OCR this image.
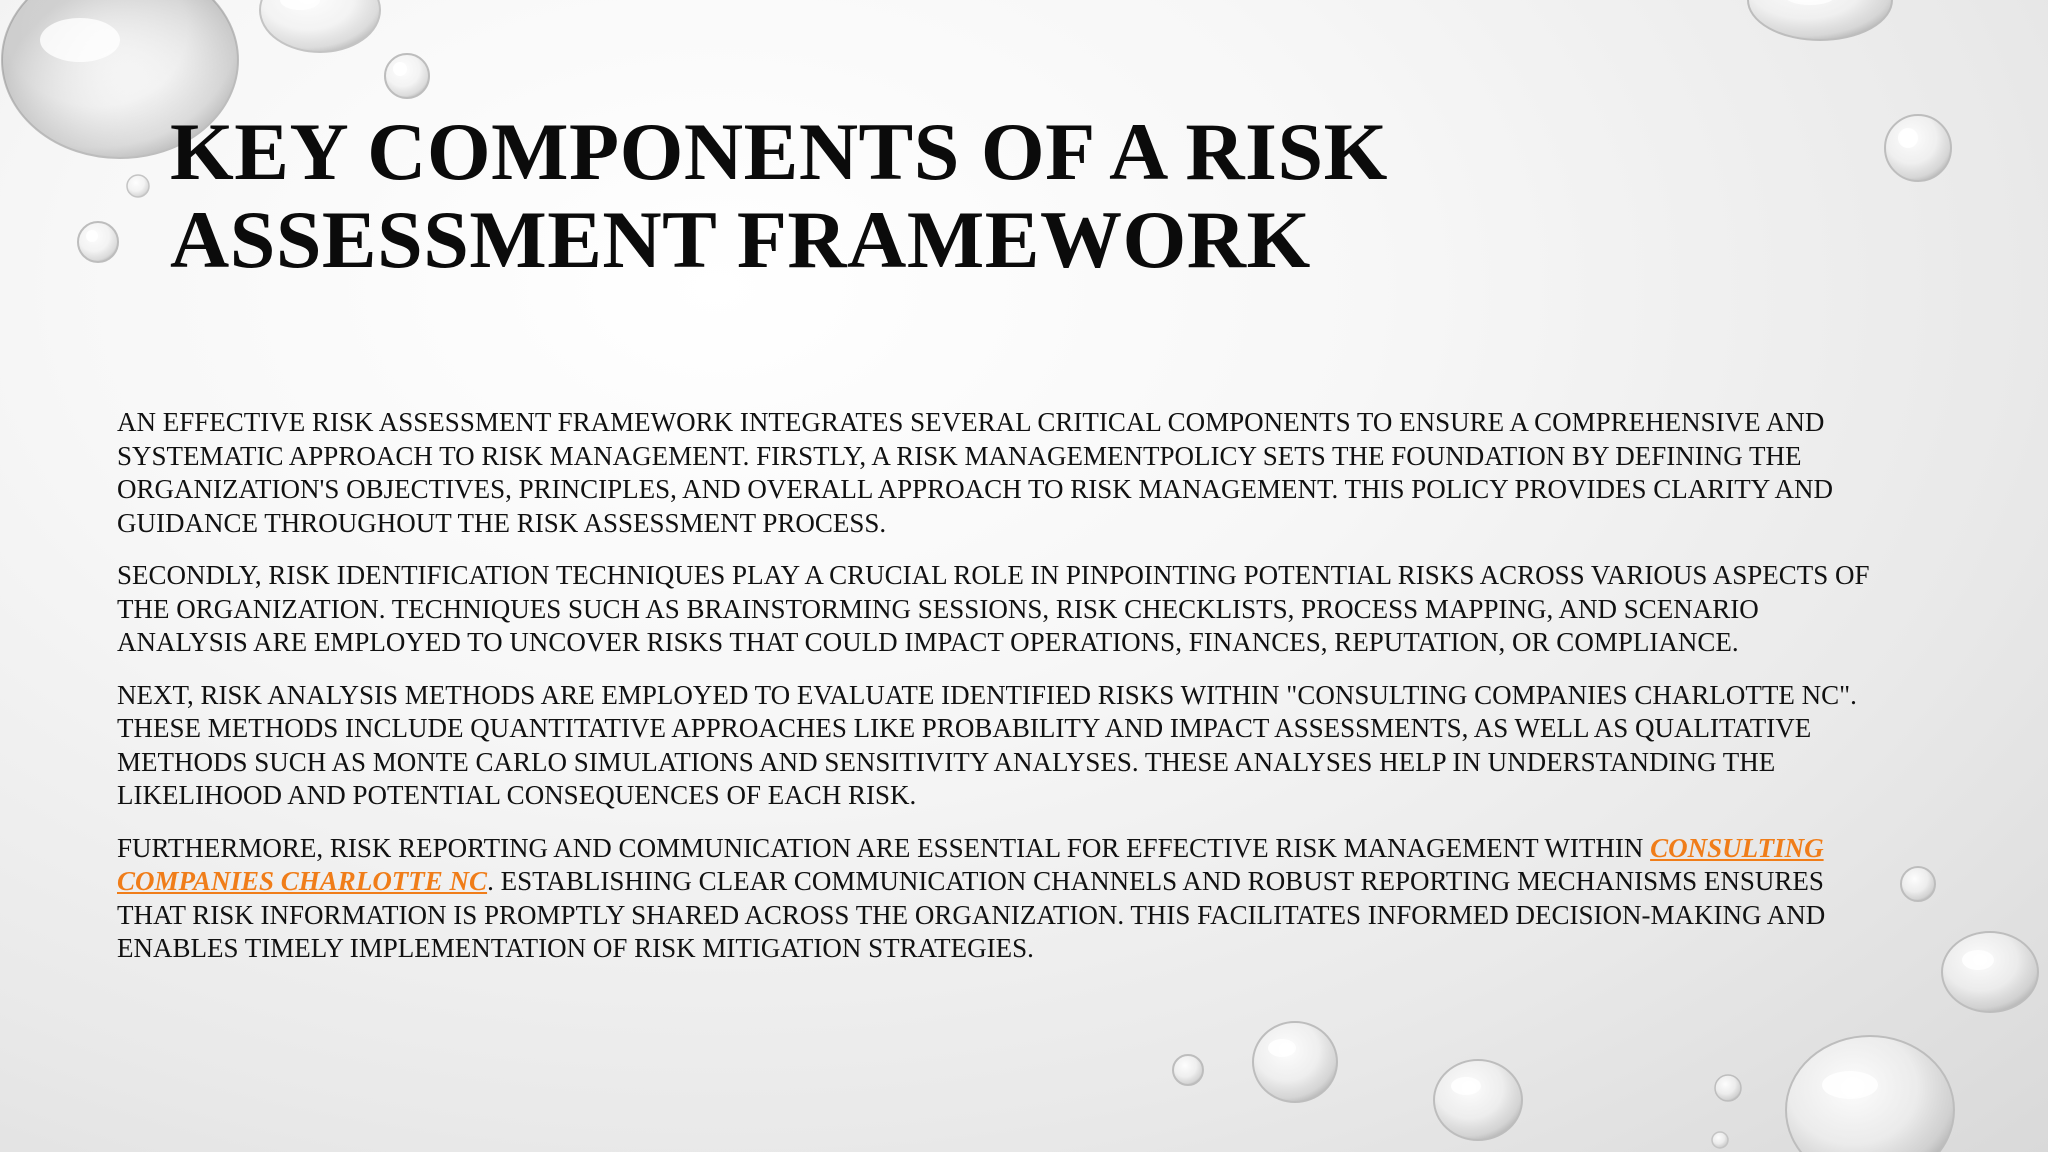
KEY COMPONENTS OF A RISK ASSESSMENT FRAMEWORK

AN EFFECTIVE RISK ASSESSMENT FRAMEWORK INTEGRATES SEVERAL CRITICAL COMPONENTS TO ENSURE A COMPREHENSIVE AND SYSTEMATIC APPROACH TO RISK MANAGEMENT. FIRSTLY, A RISK MANAGEMENTPOLICY SETS THE FOUNDATION BY DEFINING THE ORGANIZATION'S OBJECTIVES, PRINCIPLES, AND OVERALL APPROACH TO RISK MANAGEMENT. THIS POLICY PROVIDES CLARITY AND GUIDANCE THROUGHOUT THE RISK ASSESSMENT PROCESS.

SECONDLY, RISK IDENTIFICATION TECHNIQUES PLAY A CRUCIAL ROLE IN PINPOINTING POTENTIAL RISKS ACROSS VARIOUS ASPECTS OF THE ORGANIZATION. TECHNIQUES SUCH AS BRAINSTORMING SESSIONS, RISK CHECKLISTS, PROCESS MAPPING, AND SCENARIO ANALYSIS ARE EMPLOYED TO UNCOVER RISKS THAT COULD IMPACT OPERATIONS, FINANCES, REPUTATION, OR COMPLIANCE.

NEXT, RISK ANALYSIS METHODS ARE EMPLOYED TO EVALUATE IDENTIFIED RISKS WITHIN "CONSULTING COMPANIES CHARLOTTE NC". THESE METHODS INCLUDE QUANTITATIVE APPROACHES LIKE PROBABILITY AND IMPACT ASSESSMENTS, AS WELL AS QUALITATIVE METHODS SUCH AS MONTE CARLO SIMULATIONS AND SENSITIVITY ANALYSES. THESE ANALYSES HELP IN UNDERSTANDING THE LIKELIHOOD AND POTENTIAL CONSEQUENCES OF EACH RISK.

FURTHERMORE, RISK REPORTING AND COMMUNICATION ARE ESSENTIAL FOR EFFECTIVE RISK MANAGEMENT WITHIN CONSULTING COMPANIES CHARLOTTE NC. ESTABLISHING CLEAR COMMUNICATION CHANNELS AND ROBUST REPORTING MECHANISMS ENSURES THAT RISK INFORMATION IS PROMPTLY SHARED ACROSS THE ORGANIZATION. THIS FACILITATES INFORMED DECISION-MAKING AND ENABLES TIMELY IMPLEMENTATION OF RISK MITIGATION STRATEGIES.
